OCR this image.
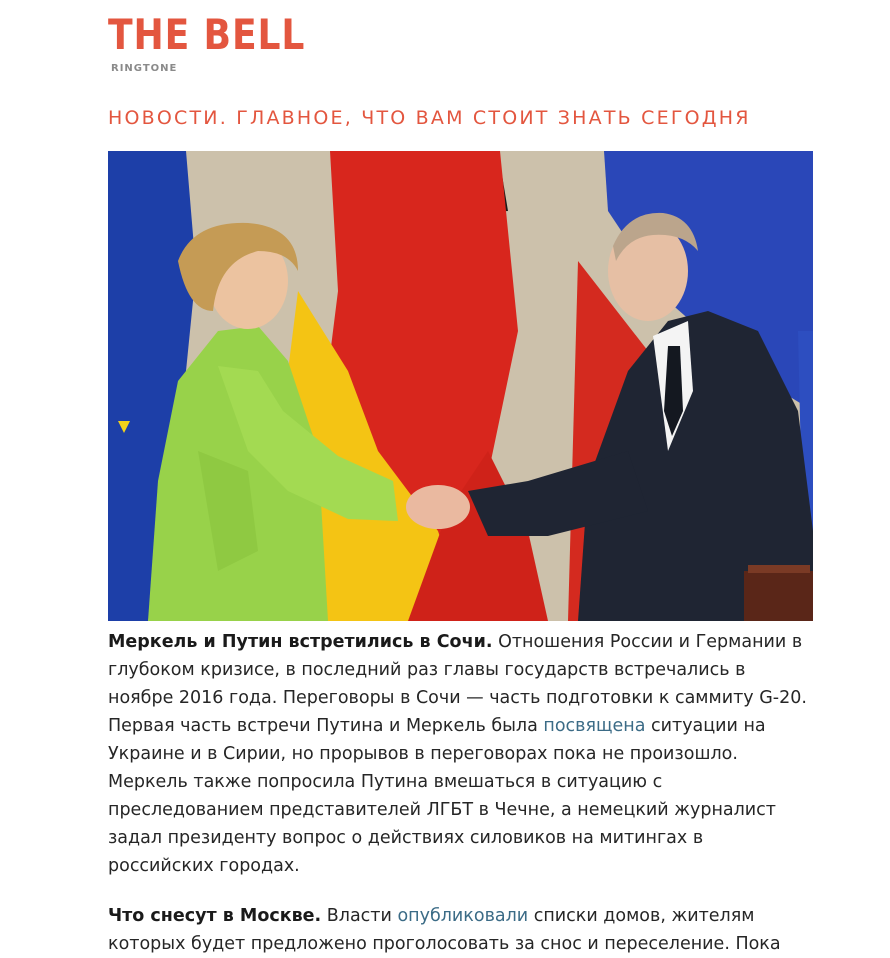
THE BELL
RINGTONE
НОВОСТИ. ГЛАВНОЕ, ЧТО ВАМ СТОИТ ЗНАТЬ СЕГОДНЯ

Меркель и Путин встретились в Сочи. Отношения России и Германии в глубоком кризисе, в последний раз главы государств встречались в ноябре 2016 года. Переговоры в Сочи — часть подготовки к саммиту G-20. Первая часть встречи Путина и Меркель была посвящена ситуации на Украине и в Сирии, но прорывов в переговорах пока не произошло. Меркель также попросила Путина вмешаться в ситуацию с преследованием представителей ЛГБТ в Чечне, а немецкий журналист задал президенту вопрос о действиях силовиков на митингах в российских городах.

Что снесут в Москве. Власти опубликовали списки домов, жителям которых будет предложено проголосовать за снос и переселение. Пока
